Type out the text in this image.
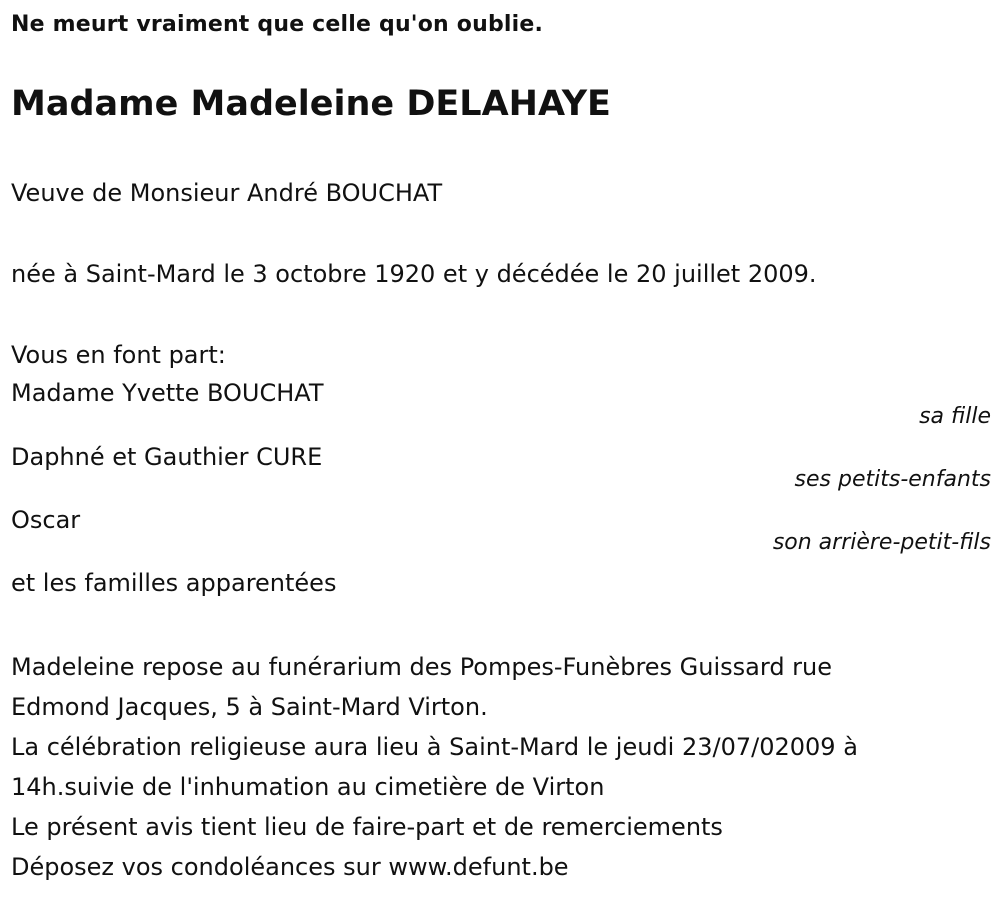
Ne meurt vraiment que celle qu'on oublie.
Madame Madeleine DELAHAYE
Veuve de Monsieur André BOUCHAT
née à Saint-Mard le 3 octobre 1920 et y décédée le 20 juillet 2009.
Vous en font part:
Madame Yvette BOUCHAT
sa fille
Daphné et Gauthier CURE
ses petits-enfants
Oscar
son arrière-petit-fils
et les familles apparentées
Madeleine repose au funérarium des Pompes-Funèbres Guissard rue
Edmond Jacques, 5 à Saint-Mard Virton.
La célébration religieuse aura lieu à Saint-Mard le jeudi 23/07/02009 à
14h.suivie de l'inhumation au cimetière de Virton
Le présent avis tient lieu de faire-part et de remerciements
Déposez vos condoléances sur www.defunt.be
